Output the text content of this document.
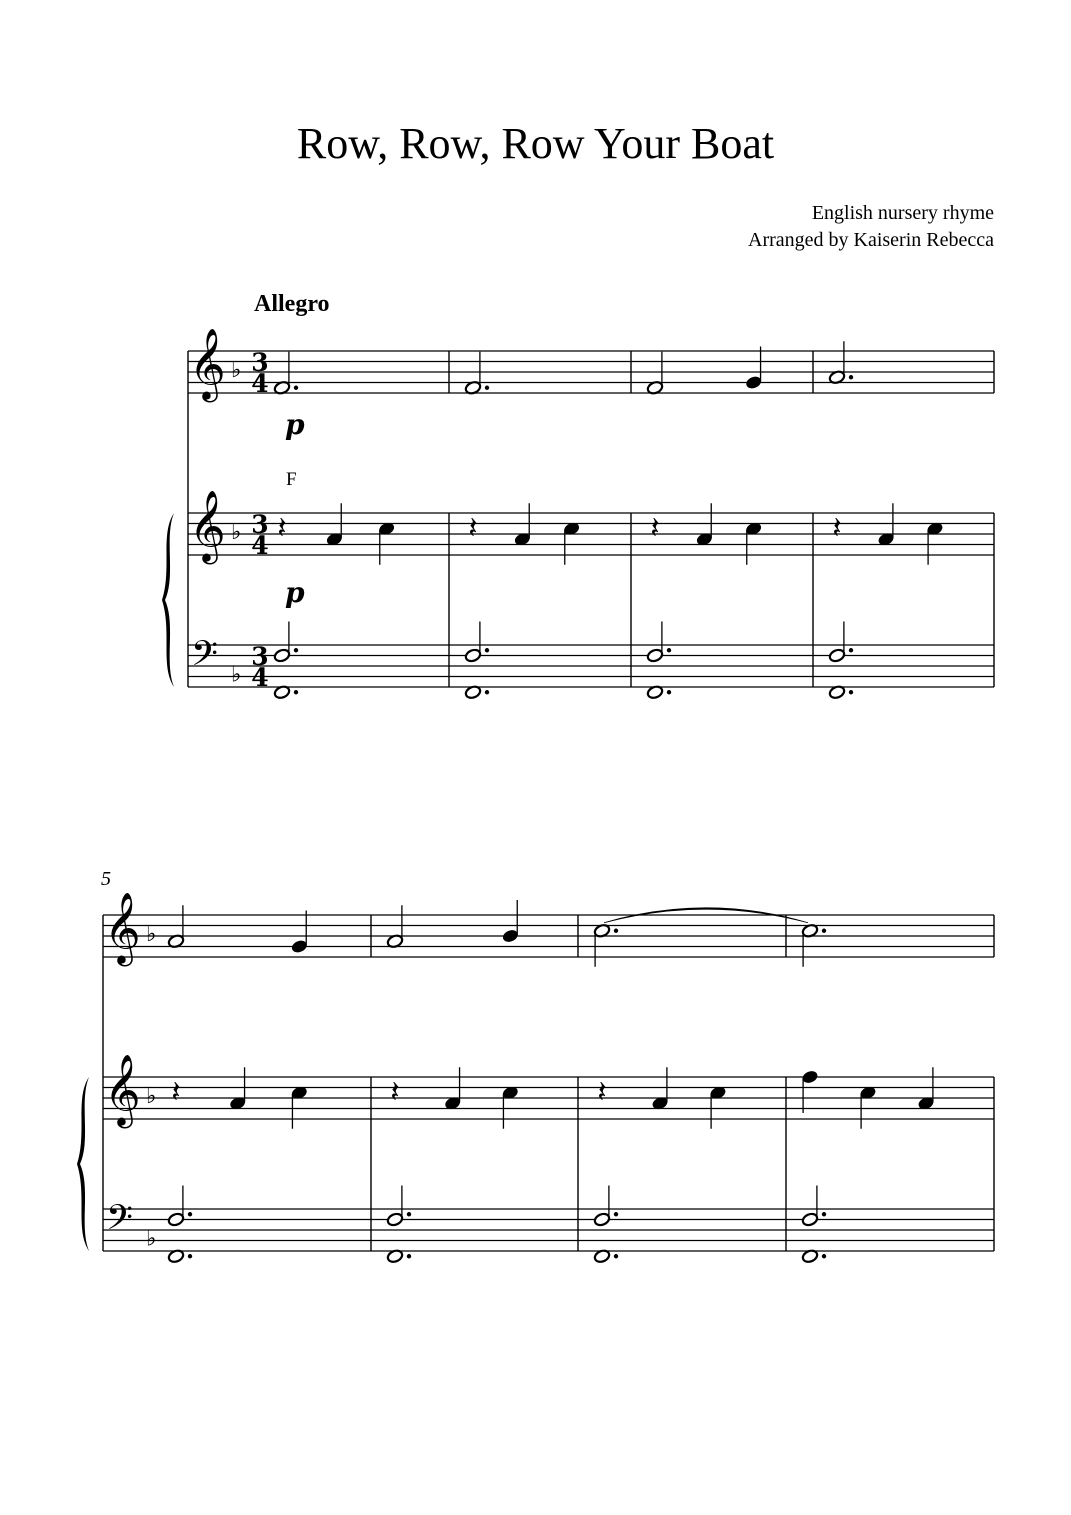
Row, Row, Row Your Boat
English nursery rhyme
Arranged by Kaiserin Rebecca
Allegro
5
𝄞
𝄞
𝄢
♭
♭
♭
3
4
3
4
3
4
𝄽	𝄽	𝄽	𝄽
𝄞
𝄞
𝄢
♭
♭
♭
𝄽	𝄽	𝄽
p
p
F
